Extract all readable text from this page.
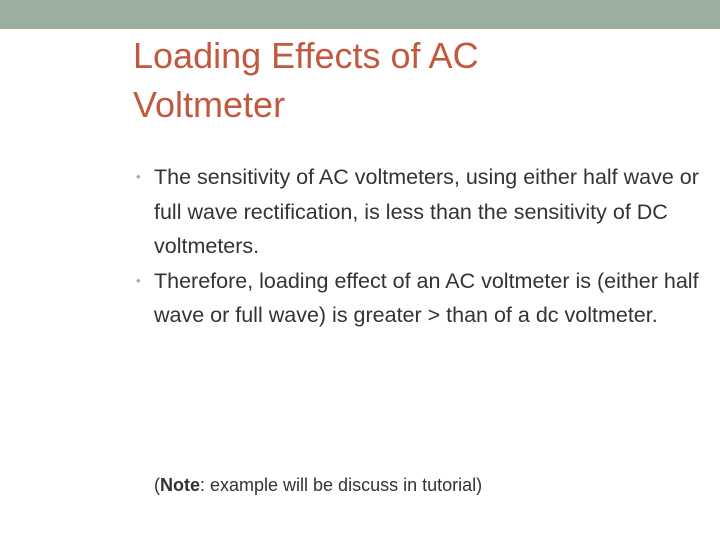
Loading Effects of AC
Voltmeter
• The sensitivity of AC voltmeters, using either half wave or full wave rectification, is less than the sensitivity of DC voltmeters.
• Therefore, loading effect of an AC voltmeter is (either half wave or full wave) is greater > than of a dc voltmeter.

(Note: example will be discuss in tutorial)
